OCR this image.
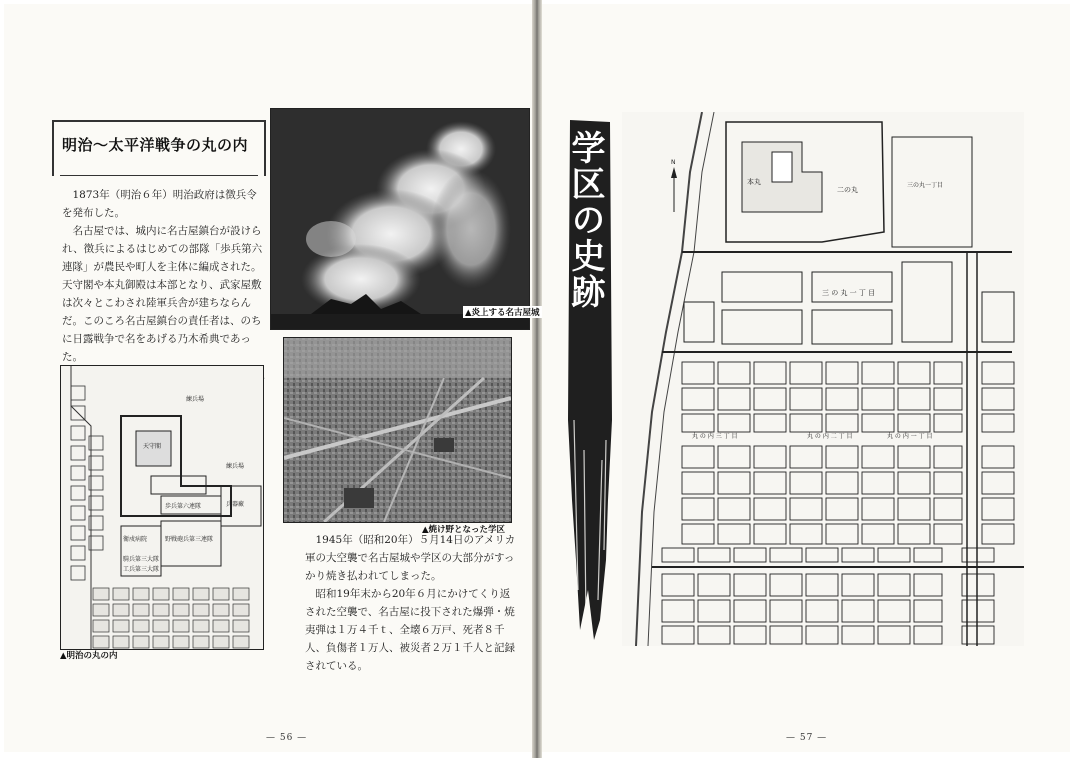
明治〜太平洋戦争の丸の内

1873年（明治６年）明治政府は徴兵令を発布した。

名古屋では、城内に名古屋鎮台が設けられ、徴兵によるはじめての部隊「歩兵第六連隊」が農民や町人を主体に編成された。天守閣や本丸御殿は本部となり、武家屋敷は次々とこわされ陸軍兵舎が建ちならんだ。このころ名古屋鎮台の責任者は、のちに日露戦争で名をあげる乃木希典であった。

▲炎上する名古屋城
▲焼け野となった学区

1945年（昭和20年）５月14日のアメリカ軍の大空襲で名古屋城や学区の大部分がすっかり焼き払われてしまった。

昭和19年末から20年６月にかけてくり返された空襲で、名古屋に投下された爆弾・焼夷弾は１万４千ｔ、全壊６万戸、死者８千人、負傷者１万人、被災者２万１千人と記録されている。

練兵場
天守閣
練兵場
歩兵第六連隊
衛戍病院	野戦砲兵第三連隊
騎兵第三大隊
工兵第三大隊
兵器廠
▲明治の丸の内
— 56 —
学区の史跡	本丸
二の丸
三の丸一丁目
三 の 丸 一 丁 目
丸 の 内 三 丁 目	丸 の 内 二 丁 目	丸 の 内 一 丁 目
N
— 57 —
